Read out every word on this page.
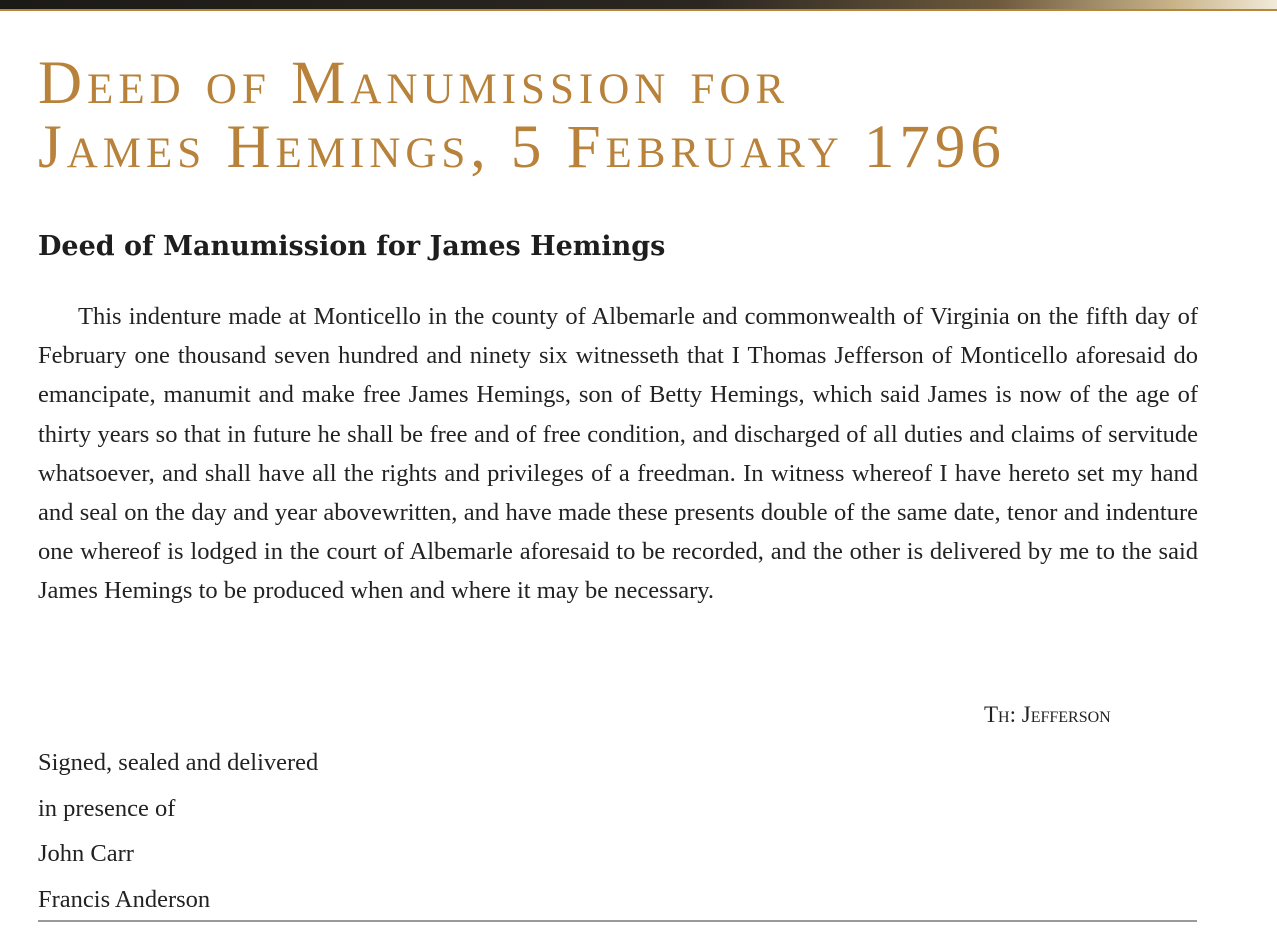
Deed of Manumission for
James Hemings, 5 February 1796
Deed of Manumission for James Hemings

This indenture made at Monticello in the county of Albemarle and commonwealth of Virginia on the fifth day of February one thousand seven hundred and ninety six witnesseth that I Thomas Jefferson of Monticello aforesaid do emancipate, manumit and make free James Hemings, son of Betty Hemings, which said James is now of the age of thirty years so that in future he shall be free and of free condition, and discharged of all duties and claims of servitude whatsoever, and shall have all the rights and privileges of a freedman. In witness whereof I have hereto set my hand and seal on the day and year abovewritten, and have made these presents double of the same date, tenor and indenture one whereof is lodged in the court of Albemarle aforesaid to be recorded, and the other is delivered by me to the said James Hemings to be produced when and where it may be necessary.

Th: Jefferson

Signed, sealed and delivered
in presence of
John Carr
Francis Anderson
